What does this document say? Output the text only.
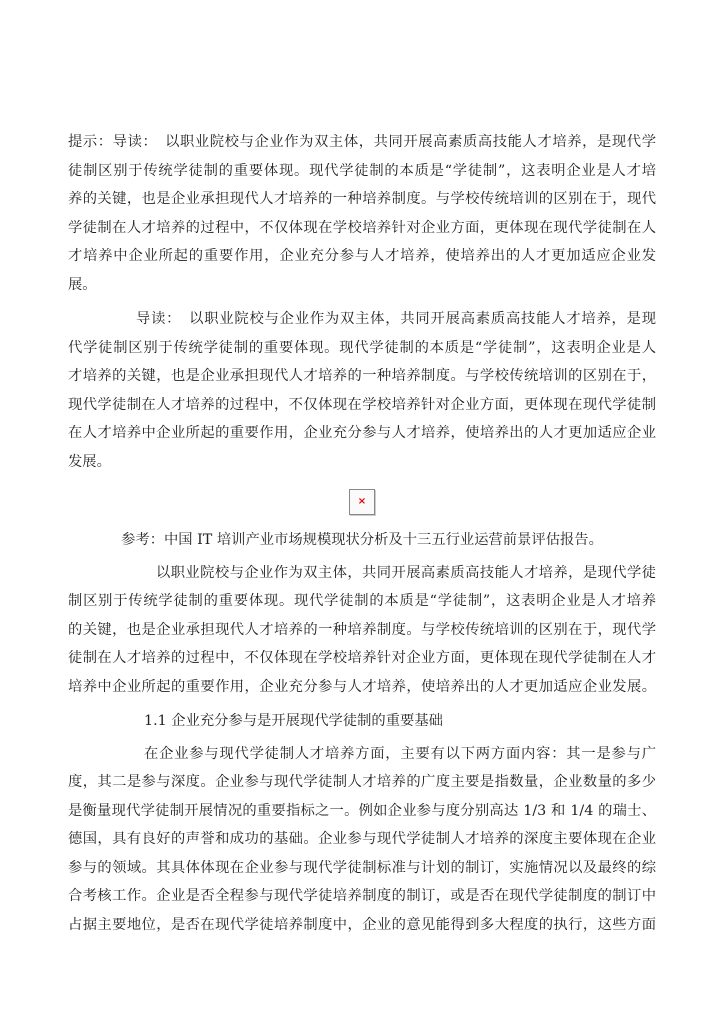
提示：导读：　以职业院校与企业作为双主体，共同开展高素质高技能人才培养，是现代学
徒制区别于传统学徒制的重要体现。现代学徒制的本质是“学徒制”，这表明企业是人才培
养的关键，也是企业承担现代人才培养的一种培养制度。与学校传统培训的区别在于，现代
学徒制在人才培养的过程中，不仅体现在学校培养针对企业方面，更体现在现代学徒制在人
才培养中企业所起的重要作用，企业充分参与人才培养，使培养出的人才更加适应企业发
展。
导读：　以职业院校与企业作为双主体，共同开展高素质高技能人才培养，是现
代学徒制区别于传统学徒制的重要体现。现代学徒制的本质是“学徒制”，这表明企业是人
才培养的关键，也是企业承担现代人才培养的一种培养制度。与学校传统培训的区别在于，
现代学徒制在人才培养的过程中，不仅体现在学校培养针对企业方面，更体现在现代学徒制
在人才培养中企业所起的重要作用，企业充分参与人才培养，使培养出的人才更加适应企业
发展。
×
参考：中国 IT 培训产业市场规模现状分析及十三五行业运营前景评估报告。
以职业院校与企业作为双主体，共同开展高素质高技能人才培养，是现代学徒
制区别于传统学徒制的重要体现。现代学徒制的本质是“学徒制”，这表明企业是人才培养
的关键，也是企业承担现代人才培养的一种培养制度。与学校传统培训的区别在于，现代学
徒制在人才培养的过程中，不仅体现在学校培养针对企业方面，更体现在现代学徒制在人才
培养中企业所起的重要作用，企业充分参与人才培养，使培养出的人才更加适应企业发展。
1.1 企业充分参与是开展现代学徒制的重要基础
在企业参与现代学徒制人才培养方面，主要有以下两方面内容：其一是参与广
度，其二是参与深度。企业参与现代学徒制人才培养的广度主要是指数量，企业数量的多少
是衡量现代学徒制开展情况的重要指标之一。例如企业参与度分别高达 1/3 和 1/4 的瑞士、
德国，具有良好的声誉和成功的基础。企业参与现代学徒制人才培养的深度主要体现在企业
参与的领域。其具体体现在企业参与现代学徒制标准与计划的制订，实施情况以及最终的综
合考核工作。企业是否全程参与现代学徒培养制度的制订，或是否在现代学徒制度的制订中
占据主要地位，是否在现代学徒培养制度中，企业的意见能得到多大程度的执行，这些方面
